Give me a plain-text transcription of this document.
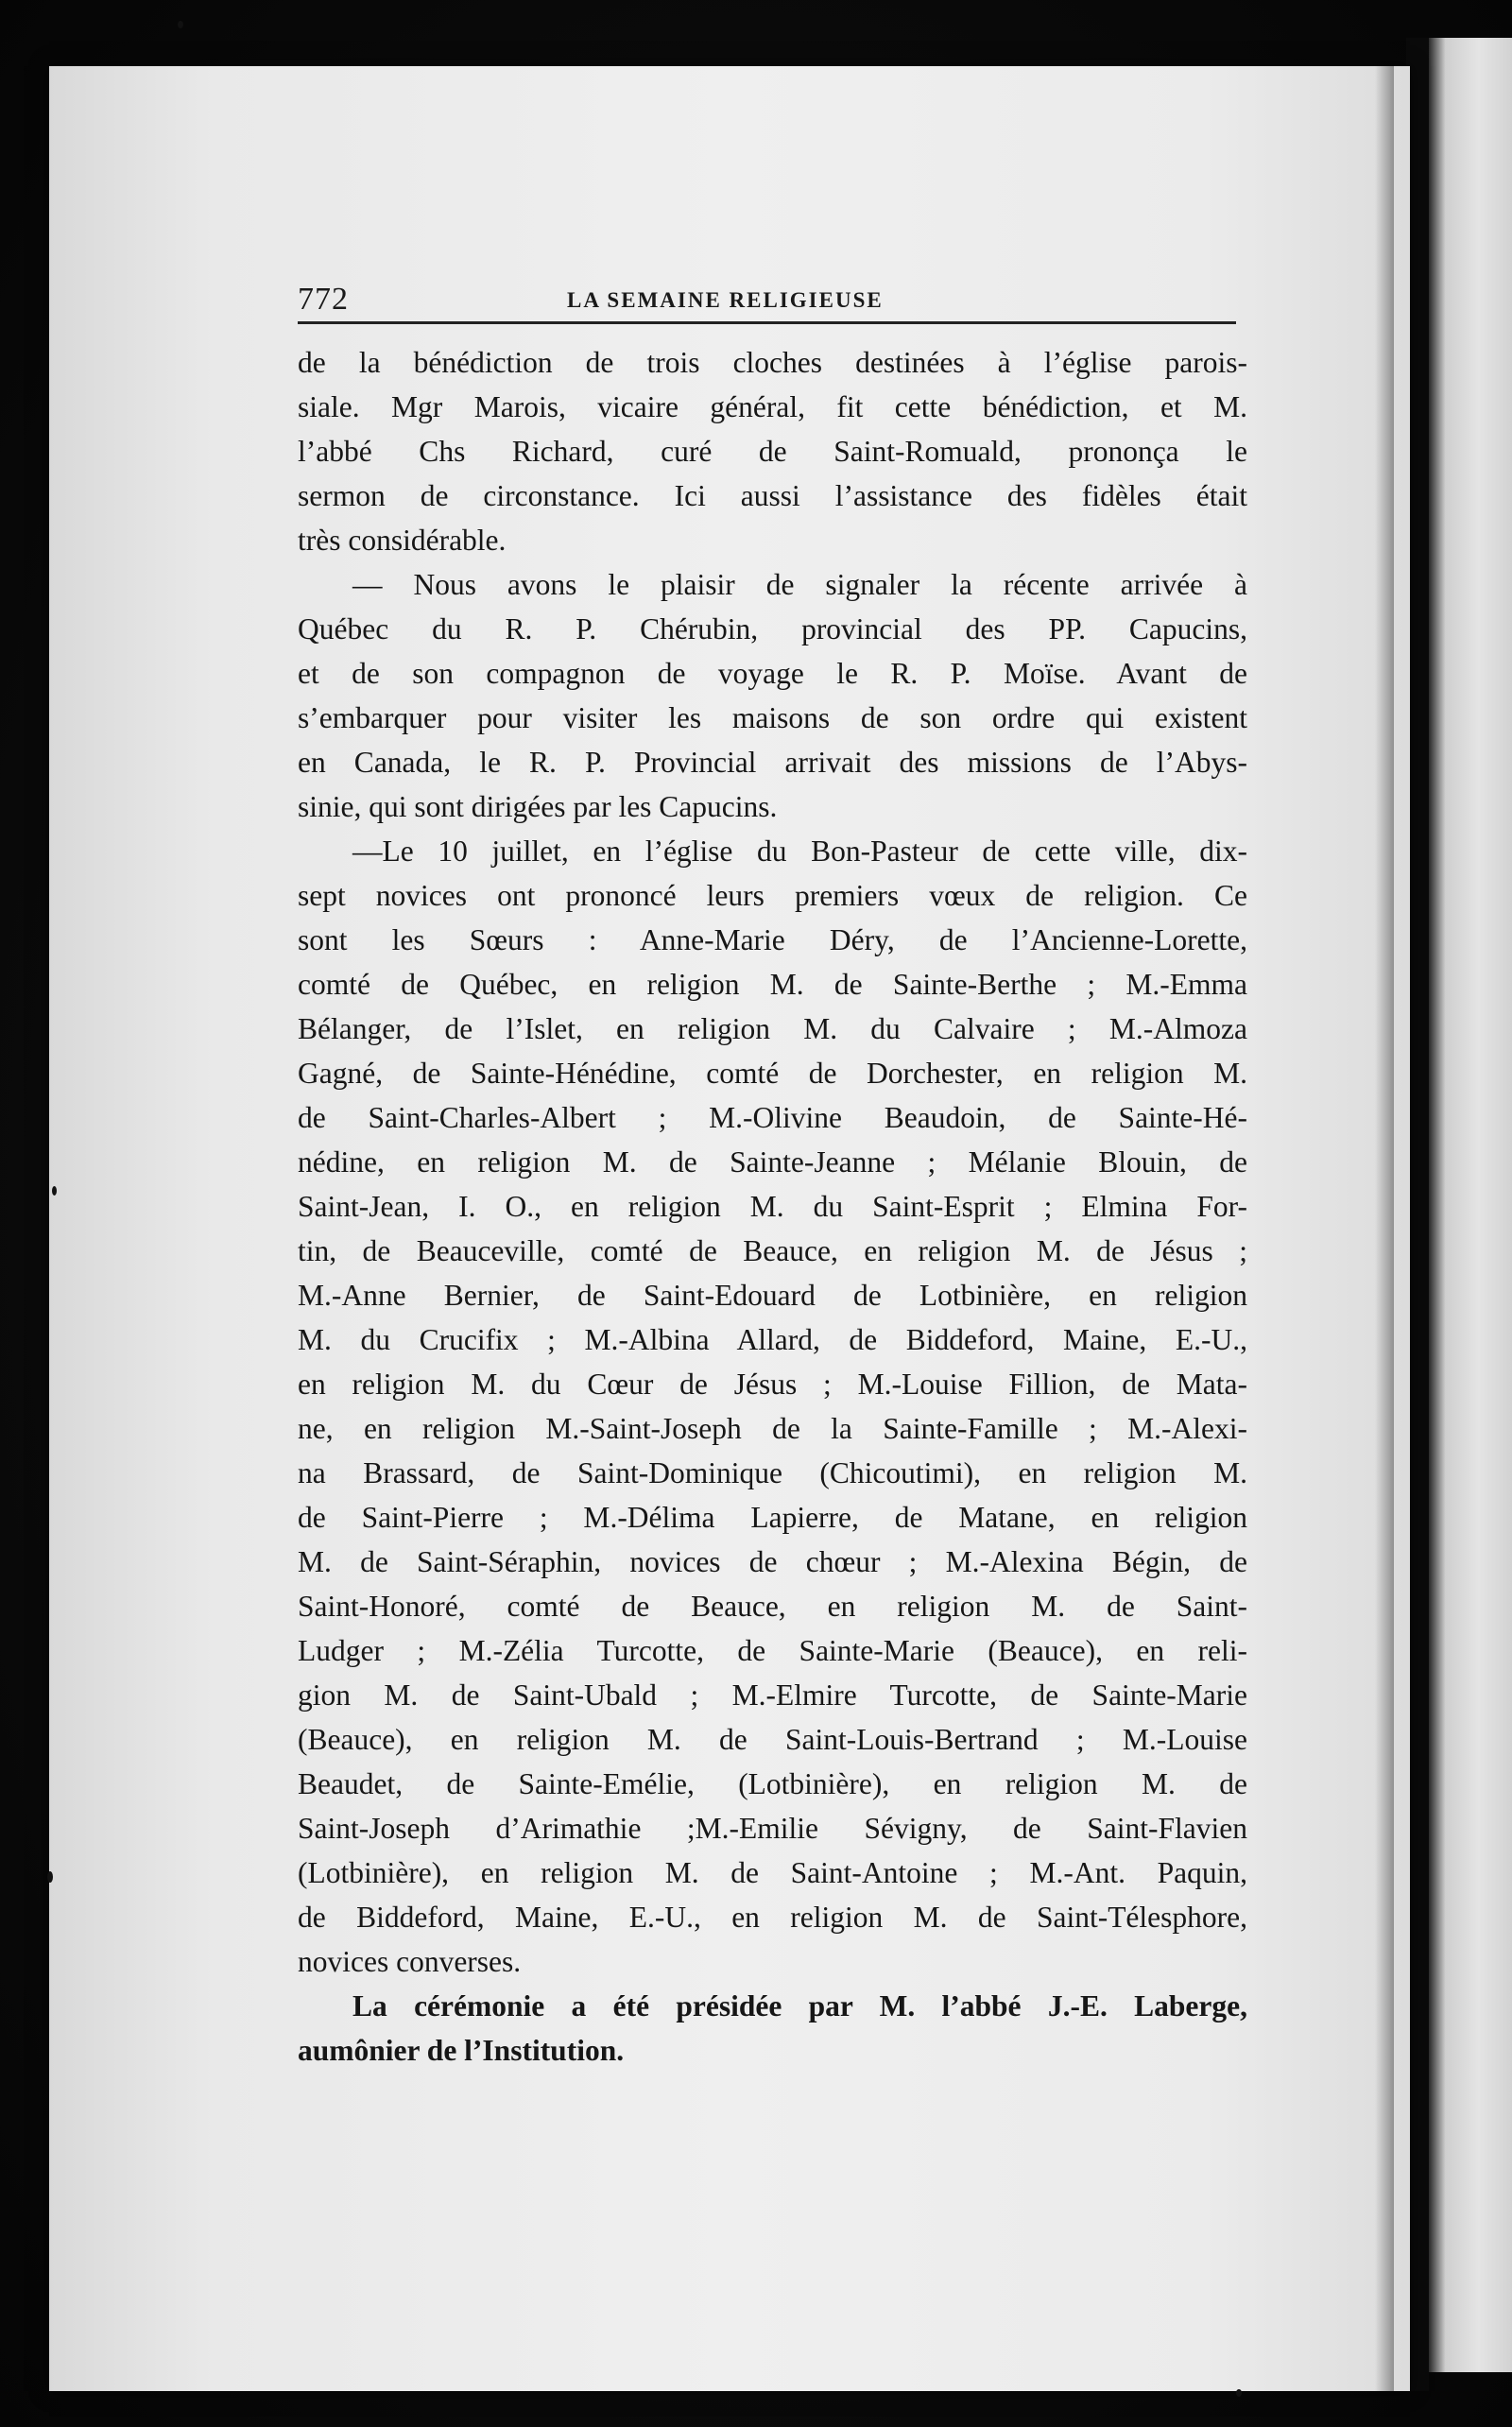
772	LA SEMAINE RELIGIEUSE
de la bénédiction de trois cloches destinées à l’église parois-
siale. Mgr Marois, vicaire général, fit cette bénédiction, et M.
l’abbé Chs Richard, curé de Saint-Romuald, prononça le
sermon de circonstance. Ici aussi l’assistance des fidèles était
très considérable.
— Nous avons le plaisir de signaler la récente arrivée à
Québec du R. P. Chérubin, provincial des PP. Capucins,
et de son compagnon de voyage le R. P. Moïse. Avant de
s’embarquer pour visiter les maisons de son ordre qui existent
en Canada, le R. P. Provincial arrivait des missions de l’Abys-
sinie, qui sont dirigées par les Capucins.
—Le 10 juillet, en l’église du Bon-Pasteur de cette ville, dix-
sept novices ont prononcé leurs premiers vœux de religion. Ce
sont les Sœurs : Anne-Marie Déry, de l’Ancienne-Lorette,
comté de Québec, en religion M. de Sainte-Berthe ; M.-Emma
Bélanger, de l’Islet, en religion M. du Calvaire ; M.-Almoza
Gagné, de Sainte-Hénédine, comté de Dorchester, en religion M.
de Saint-Charles-Albert ; M.-Olivine Beaudoin, de Sainte-Hé-
nédine, en religion M. de Sainte-Jeanne ; Mélanie Blouin, de
Saint-Jean, I. O., en religion M. du Saint-Esprit ; Elmina For-
tin, de Beauceville, comté de Beauce, en religion M. de Jésus ;
M.-Anne Bernier, de Saint-Edouard de Lotbinière, en religion
M. du Crucifix ; M.-Albina Allard, de Biddeford, Maine, E.-U.,
en religion M. du Cœur de Jésus ; M.-Louise Fillion, de Mata-
ne, en religion M.-Saint-Joseph de la Sainte-Famille ; M.-Alexi-
na Brassard, de Saint-Dominique (Chicoutimi), en religion M.
de Saint-Pierre ; M.-Délima Lapierre, de Matane, en religion
M. de Saint-Séraphin, novices de chœur ; M.-Alexina Bégin, de
Saint-Honoré, comté de Beauce, en religion M. de Saint-
Ludger ; M.-Zélia Turcotte, de Sainte-Marie (Beauce), en reli-
gion M. de Saint-Ubald ; M.-Elmire Turcotte, de Sainte-Marie
(Beauce), en religion M. de Saint-Louis-Bertrand ; M.-Louise
Beaudet, de Sainte-Emélie, (Lotbinière), en religion M. de
Saint-Joseph d’Arimathie ;M.-Emilie Sévigny, de Saint-Flavien
(Lotbinière), en religion M. de Saint-Antoine ; M.-Ant. Paquin,
de Biddeford, Maine, E.-U., en religion M. de Saint-Télesphore,
novices converses.
La cérémonie a été présidée par M. l’abbé J.-E. Laberge,
aumônier de l’Institution.
